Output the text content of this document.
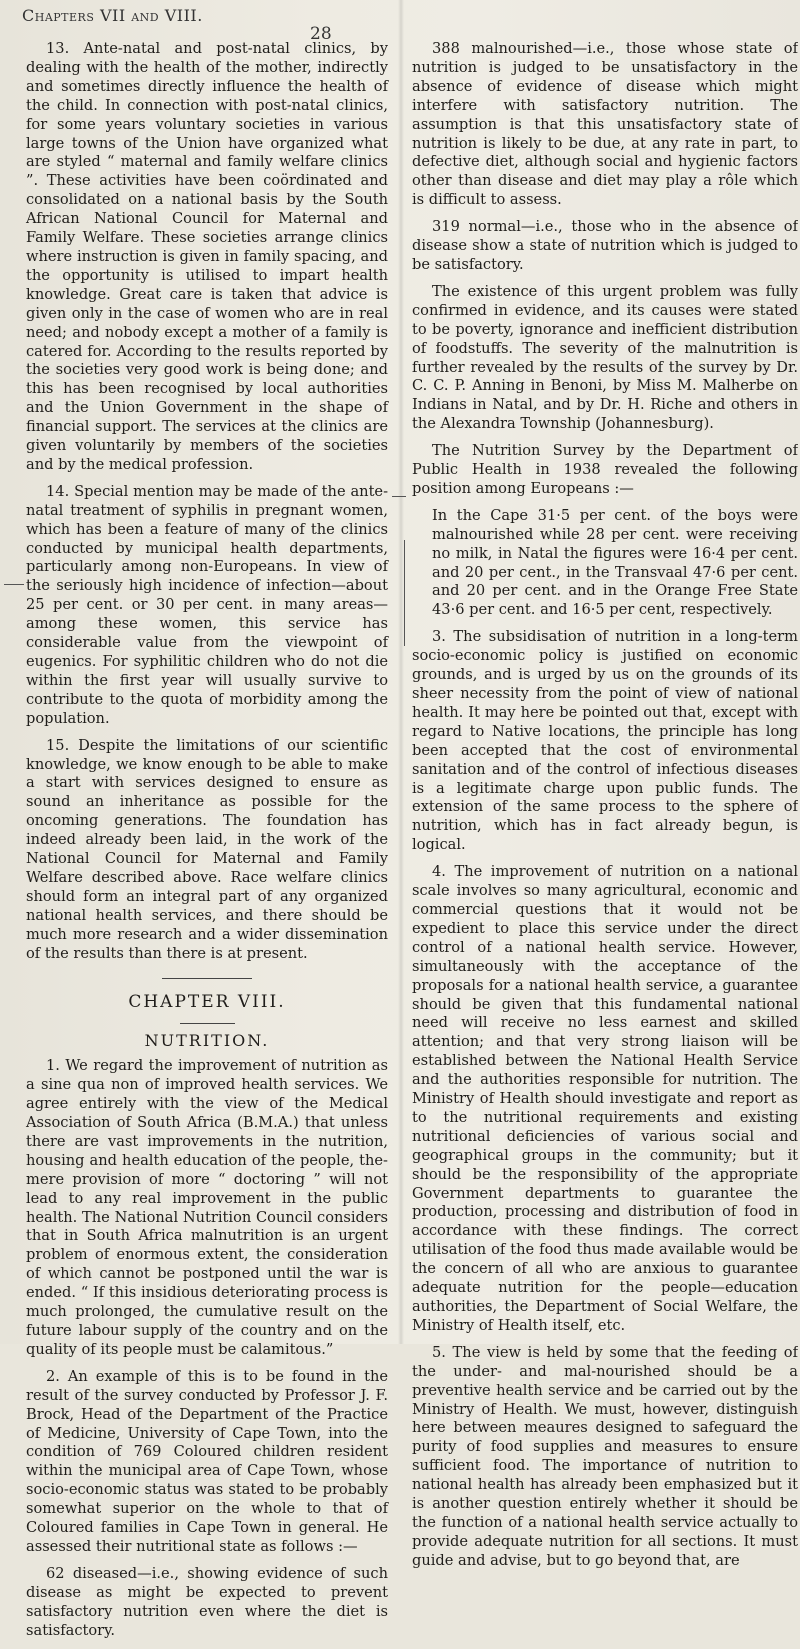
Chapters VII and VIII.
28

13. Ante-natal and post-natal clinics, by dealing with the health of the mother, indirectly and sometimes directly influence the health of the child. In connection with post-natal clinics, for some years voluntary societies in various large towns of the Union have organized what are styled “ maternal and family welfare clinics ”. These activities have been coördinated and consolidated on a national basis by the South African National Council for Maternal and Family Welfare. These societies arrange clinics where instruction is given in family spacing, and the opportunity is utilised to impart health knowledge. Great care is taken that advice is given only in the case of women who are in real need; and nobody except a mother of a family is catered for. According to the results reported by the societies very good work is being done; and this has been recognised by local authorities and the Union Government in the shape of financial support. The services at the clinics are given voluntarily by members of the societies and by the medical profession.

14. Special mention may be made of the ante-natal treatment of syphilis in pregnant women, which has been a feature of many of the clinics conducted by municipal health departments, particularly among non-Europeans. In view of the seriously high incidence of infection—about 25 per cent. or 30 per cent. in many areas—among these women, this service has considerable value from the viewpoint of eugenics. For syphilitic children who do not die within the first year will usually survive to contribute to the quota of morbidity among the population.

15. Despite the limitations of our scientific knowledge, we know enough to be able to make a start with services designed to ensure as sound an inheritance as possible for the oncoming generations. The foundation has indeed already been laid, in the work of the National Council for Maternal and Family Welfare described above. Race welfare clinics should form an integral part of any organized national health services, and there should be much more research and a wider dissemination of the results than there is at present.

CHAPTER VIII.
NUTRITION.

1. We regard the improvement of nutrition as a sine qua non of improved health services. We agree entirely with the view of the Medical Association of South Africa (B.M.A.) that unless there are vast improvements in the nutrition, housing and health education of the people, the-mere provision of more “ doctoring ” will not lead to any real improvement in the public health. The National Nutrition Council considers that in South Africa malnutrition is an urgent problem of enormous extent, the consideration of which cannot be postponed until the war is ended. “ If this insidious deteriorating process is much prolonged, the cumulative result on the future labour supply of the country and on the quality of its people must be calamitous.”

2. An example of this is to be found in the result of the survey conducted by Professor J. F. Brock, Head of the Department of the Practice of Medicine, University of Cape Town, into the condition of 769 Coloured children resident within the municipal area of Cape Town, whose socio-economic status was stated to be probably somewhat superior on the whole to that of Coloured families in Cape Town in general. He assessed their nutritional state as follows :—

62 diseased—i.e., showing evidence of such disease as might be expected to prevent satisfactory nutrition even where the diet is satisfactory.

388 malnourished—i.e., those whose state of nutrition is judged to be unsatisfactory in the absence of evidence of disease which might interfere with satisfactory nutrition. The assumption is that this unsatisfactory state of nutrition is likely to be due, at any rate in part, to defective diet, although social and hygienic factors other than disease and diet may play a rôle which is difficult to assess.

319 normal—i.e., those who in the absence of disease show a state of nutrition which is judged to be satisfactory.

The existence of this urgent problem was fully confirmed in evidence, and its causes were stated to be poverty, ignorance and inefficient distribution of foodstuffs. The severity of the malnutrition is further revealed by the results of the survey by Dr. C. C. P. Anning in Benoni, by Miss M. Malherbe on Indians in Natal, and by Dr. H. Riche and others in the Alexandra Township (Johannesburg).

The Nutrition Survey by the Department of Public Health in 1938 revealed the following position among Europeans :—

In the Cape 31·5 per cent. of the boys were malnourished while 28 per cent. were receiving no milk, in Natal the figures were 16·4 per cent. and 20 per cent., in the Transvaal 47·6 per cent. and 20 per cent. and in the Orange Free State 43·6 per cent. and 16·5 per cent, respectively.

3. The subsidisation of nutrition in a long-term socio-economic policy is justified on economic grounds, and is urged by us on the grounds of its sheer necessity from the point of view of national health. It may here be pointed out that, except with regard to Native locations, the principle has long been accepted that the cost of environmental sanitation and of the control of infectious diseases is a legitimate charge upon public funds. The extension of the same process to the sphere of nutrition, which has in fact already begun, is logical.

4. The improvement of nutrition on a national scale involves so many agricultural, economic and commercial questions that it would not be expedient to place this service under the direct control of a national health service. However, simultaneously with the acceptance of the proposals for a national health service, a guarantee should be given that this fundamental national need will receive no less earnest and skilled attention; and that very strong liaison will be established between the National Health Service and the authorities responsible for nutrition. The Ministry of Health should investigate and report as to the nutritional requirements and existing nutritional deficiencies of various social and geographical groups in the community; but it should be the responsibility of the appropriate Government departments to guarantee the production, processing and distribution of food in accordance with these findings. The correct utilisation of the food thus made available would be the concern of all who are anxious to guarantee adequate nutrition for the people—education authorities, the Department of Social Welfare, the Ministry of Health itself, etc.

5. The view is held by some that the feeding of the under- and mal-nourished should be a preventive health service and be carried out by the Ministry of Health. We must, however, distinguish here between meaures designed to safeguard the purity of food supplies and measures to ensure sufficient food. The importance of nutrition to national health has already been emphasized but it is another question entirely whether it should be the function of a national health service actually to provide adequate nutrition for all sections. It must guide and advise, but to go beyond that, are
